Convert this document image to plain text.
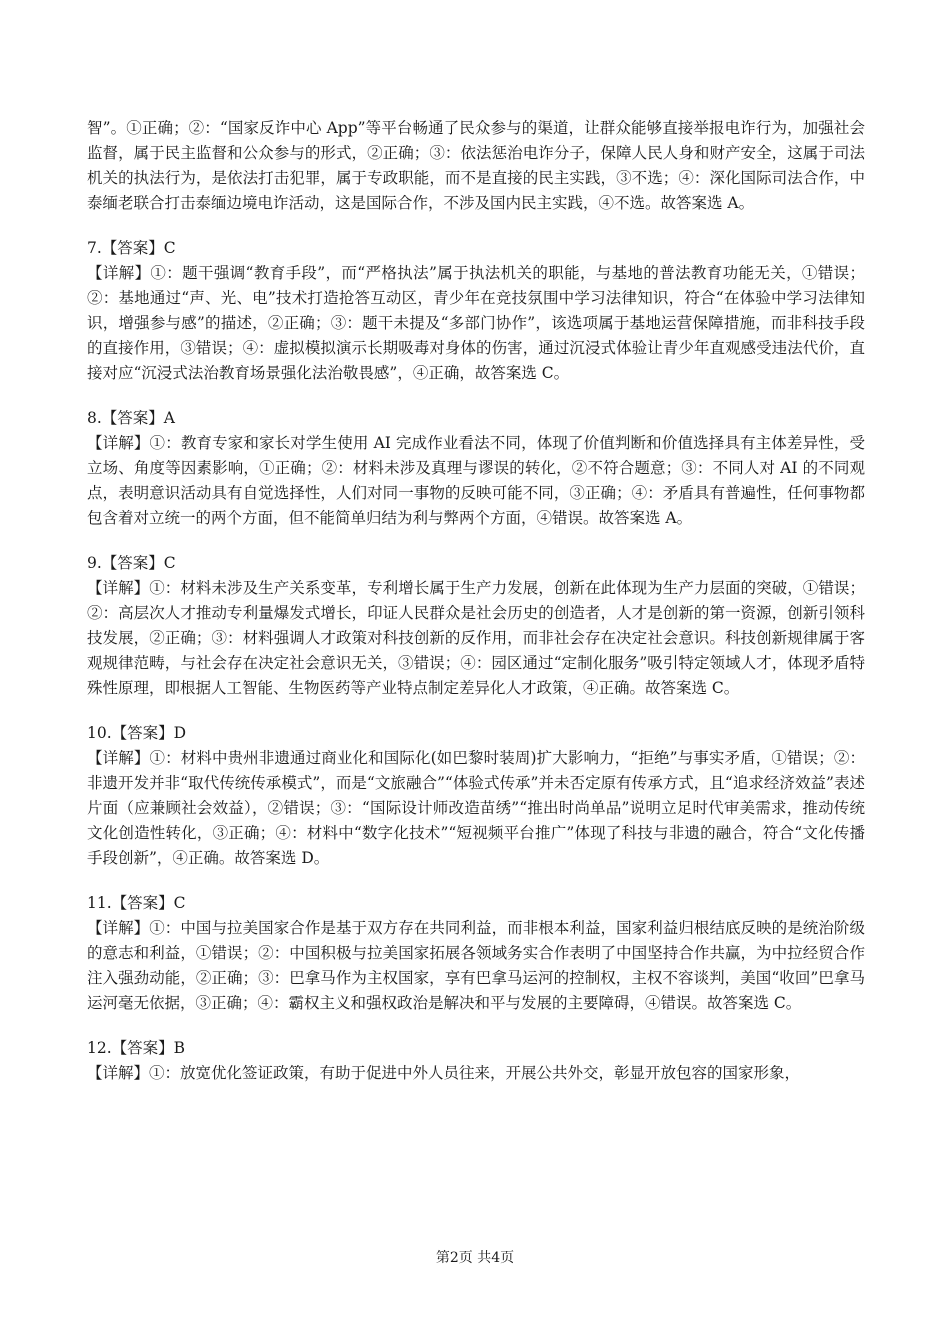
智”。①正确；②：“国家反诈中心 App”等平台畅通了民众参与的渠道，让群众能够直接举报电诈行为，加强社会监督，属于民主监督和公众参与的形式，②正确；③：依法惩治电诈分子，保障人民人身和财产安全，这属于司法机关的执法行为，是依法打击犯罪，属于专政职能，而不是直接的民主实践，③不选；④：深化国际司法合作，中泰缅老联合打击泰缅边境电诈活动，这是国际合作，不涉及国内民主实践，④不选。故答案选 A。

7.【答案】C

【详解】①：题干强调“教育手段”，而“严格执法”属于执法机关的职能，与基地的普法教育功能无关，①错误；②：基地通过“声、光、电”技术打造抢答互动区，青少年在竞技氛围中学习法律知识，符合“在体验中学习法律知识，增强参与感”的描述，②正确；③：题干未提及“多部门协作”，该选项属于基地运营保障措施，而非科技手段的直接作用，③错误；④：虚拟模拟演示长期吸毒对身体的伤害，通过沉浸式体验让青少年直观感受违法代价，直接对应“沉浸式法治教育场景强化法治敬畏感”，④正确，故答案选 C。

8.【答案】A

【详解】①：教育专家和家长对学生使用 AI 完成作业看法不同，体现了价值判断和价值选择具有主体差异性，受立场、角度等因素影响，①正确；②：材料未涉及真理与谬误的转化，②不符合题意；③：不同人对 AI 的不同观点，表明意识活动具有自觉选择性，人们对同一事物的反映可能不同，③正确；④：矛盾具有普遍性，任何事物都包含着对立统一的两个方面，但不能简单归结为利与弊两个方面，④错误。故答案选 A。

9.【答案】C

【详解】①：材料未涉及生产关系变革，专利增长属于生产力发展，创新在此体现为生产力层面的突破，①错误；②：高层次人才推动专利量爆发式增长，印证人民群众是社会历史的创造者，人才是创新的第一资源，创新引领科技发展，②正确；③：材料强调人才政策对科技创新的反作用，而非社会存在决定社会意识。科技创新规律属于客观规律范畴，与社会存在决定社会意识无关，③错误；④：园区通过“定制化服务”吸引特定领域人才，体现矛盾特殊性原理，即根据人工智能、生物医药等产业特点制定差异化人才政策，④正确。故答案选 C。

10.【答案】D

【详解】①：材料中贵州非遗通过商业化和国际化(如巴黎时装周)扩大影响力，“拒绝”与事实矛盾，①错误；②：非遗开发并非“取代传统传承模式”，而是“文旅融合”“体验式传承”并未否定原有传承方式，且“追求经济效益”表述片面（应兼顾社会效益），②错误；③：“国际设计师改造苗绣”“推出时尚单品”说明立足时代审美需求，推动传统文化创造性转化，③正确；④：材料中“数字化技术”“短视频平台推广”体现了科技与非遗的融合，符合“文化传播手段创新”，④正确。故答案选 D。

11.【答案】C

【详解】①：中国与拉美国家合作是基于双方存在共同利益，而非根本利益，国家利益归根结底反映的是统治阶级的意志和利益，①错误；②：中国积极与拉美国家拓展各领域务实合作表明了中国坚持合作共赢，为中拉经贸合作注入强劲动能，②正确；③：巴拿马作为主权国家，享有巴拿马运河的控制权，主权不容谈判，美国“收回”巴拿马运河毫无依据，③正确；④：霸权主义和强权政治是解决和平与发展的主要障碍，④错误。故答案选 C。

12.【答案】B

【详解】①：放宽优化签证政策，有助于促进中外人员往来，开展公共外交，彰显开放包容的国家形象，

第2页 共4页
